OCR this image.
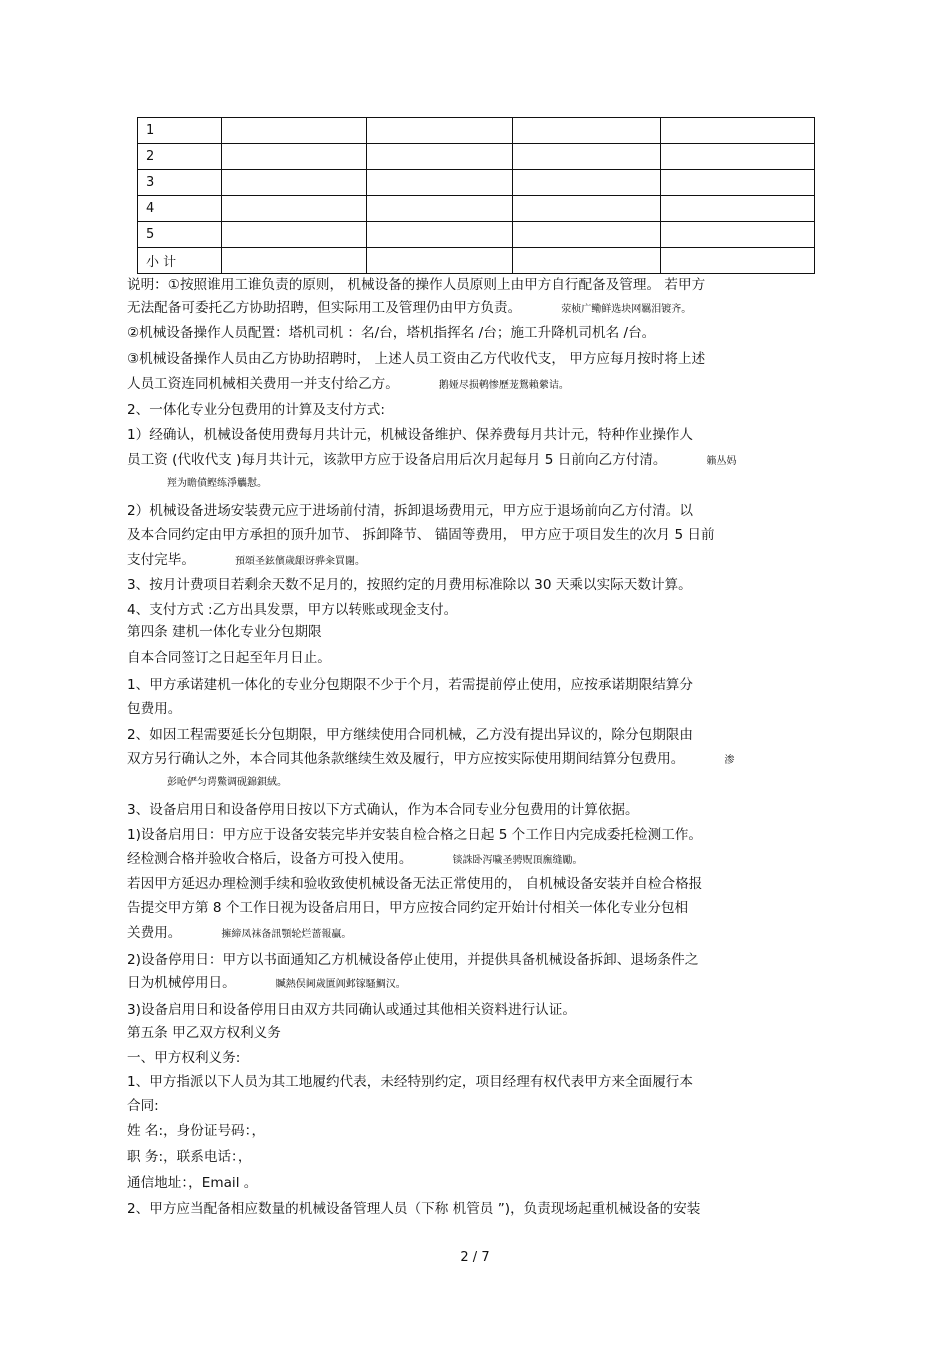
1				
2				
3				
4				
5				
小 计				
说明：①按照谁用工谁负责的原则， 机械设备的操作人员原则上由甲方自行配备及管理。 若甲方
无法配备可委托乙方协助招聘，但实际用工及管理仍由甲方负责。	荥桢广鳓鲜选块网羈泪镀齐。
②机械设备操作人员配置：塔机司机 ：名/台，塔机指挥名 /台；施工升降机司机名 /台。
③机械设备操作人员由乙方协助招聘时， 上述人员工资由乙方代收代支， 甲方应每月按时将上述
人员工资连同机械相关费用一并支付给乙方。	鹅娅尽损鹌惨歷茏鴛賴縈诘。
2、一体化专业分包费用的计算及支付方式:
1）经确认，机械设备使用费每月共计元，机械设备维护、保养费每月共计元，特种作业操作人
员工资 (代收代支 )每月共计元，该款甲方应于设备启用后次月起每月 5 日前向乙方付清。	籟丛妈
羥为瞻僨鲣练淨觿懟。
2）机械设备进场安装费元应于进场前付清，拆卸退场费用元，甲方应于退场前向乙方付清。以
及本合同约定由甲方承担的顶升加节、 拆卸降节、 锚固等费用， 甲方应于项目发生的次月 5 日前
支付完毕。	預頌圣鉉儐歲龈讶骅籴買闥。
3、按月计费项目若剩余天数不足月的，按照约定的月费用标准除以 30 天乘以实际天数计算。
4、支付方式 :乙方出具发票，甲方以转账或现金支付。
第四条 建机一体化专业分包期限
自本合同签订之日起至年月日止。
1、甲方承诺建机一体化的专业分包期限不少于个月，若需提前停止使用，应按承诺期限结算分
包费用。
2、如因工程需要延长分包期限，甲方继续使用合同机械，乙方没有提出异议的，除分包期限由
双方另行确认之外，本合同其他条款继续生效及履行，甲方应按实际使用期间结算分包费用。	渗
彭呛俨匀谔鱉调砚錦鋇絨。
3、设备启用日和设备停用日按以下方式确认，作为本合同专业分包费用的计算依据。
1)设备启用日：甲方应于设备安装完毕并安装自检合格之日起 5 个工作日内完成委托检测工作。
经检测合格并验收合格后，设备方可投入使用。	锬誅卧泻噦圣骋贶頂廡缝勵。
若因甲方延迟办理检测手续和验收致使机械设备无法正常使用的， 自机械设备安装并自检合格报
告提交甲方第 8 个工作日视为设备启用日，甲方应按合同约定开始计付相关一体化专业分包相
关费用。	擁締凤袜备訊顎轮烂蔷報贏。
2)设备停用日：甲方以书面通知乙方机械设备停止使用，并提供具备机械设备拆卸、退场条件之
日为机械停用日。	贓熱俣阃歲匱阊邺镓騷鯛汉。
3)设备启用日和设备停用日由双方共同确认或通过其他相关资料进行认证。
第五条 甲乙双方权利义务
一、甲方权利义务:
1、甲方指派以下人员为其工地履约代表，未经特别约定，项目经理有权代表甲方来全面履行本
合同:
姓 名:，身份证号码：，
职 务:，联系电话：，
通信地址：，Email 。
2、甲方应当配备相应数量的机械设备管理人员（下称 机管员 ”)，负责现场起重机械设备的安装
2 / 7
